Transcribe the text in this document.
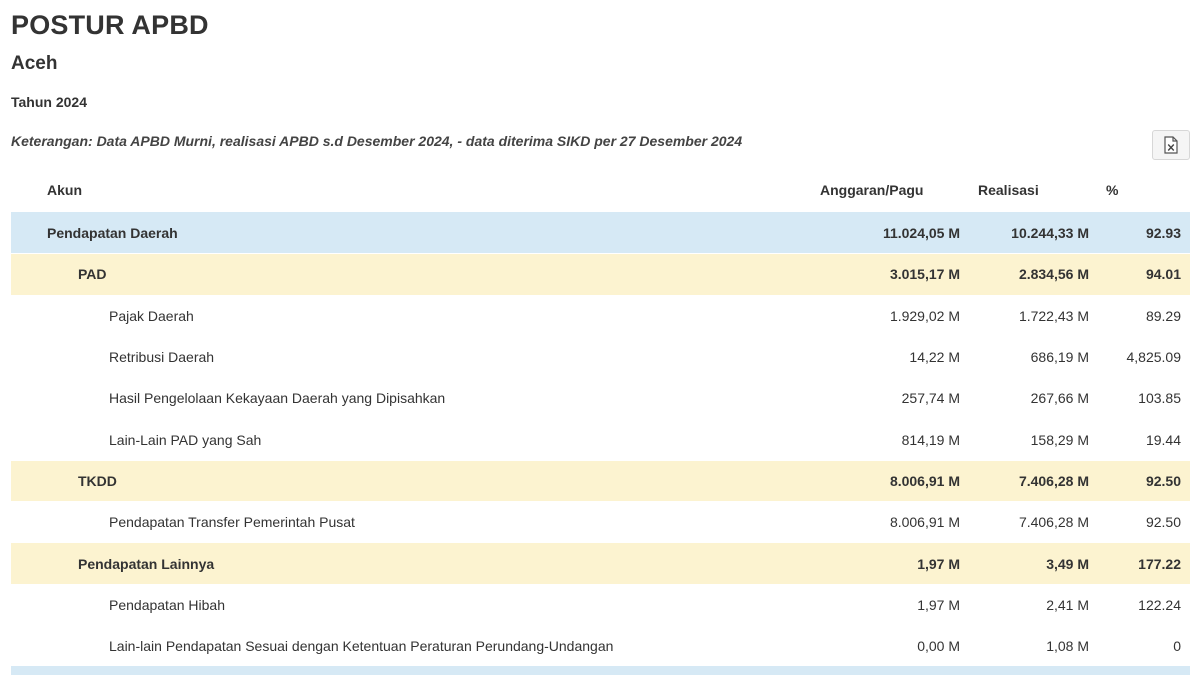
POSTUR APBD
Aceh
Tahun 2024
Keterangan: Data APBD Murni, realisasi APBD s.d Desember 2024, - data diterima SIKD per 27 Desember 2024
Akun	Anggaran/Pagu	Realisasi	%
Pendapatan Daerah	11.024,05 M	10.244,33 M	92.93
PAD	3.015,17 M	2.834,56 M	94.01
Pajak Daerah	1.929,02 M	1.722,43 M	89.29
Retribusi Daerah	14,22 M	686,19 M	4,825.09
Hasil Pengelolaan Kekayaan Daerah yang Dipisahkan	257,74 M	267,66 M	103.85
Lain-Lain PAD yang Sah	814,19 M	158,29 M	19.44
TKDD	8.006,91 M	7.406,28 M	92.50
Pendapatan Transfer Pemerintah Pusat	8.006,91 M	7.406,28 M	92.50
Pendapatan Lainnya	1,97 M	3,49 M	177.22
Pendapatan Hibah	1,97 M	2,41 M	122.24
Lain-lain Pendapatan Sesuai dengan Ketentuan Peraturan Perundang-Undangan	0,00 M	1,08 M	0
